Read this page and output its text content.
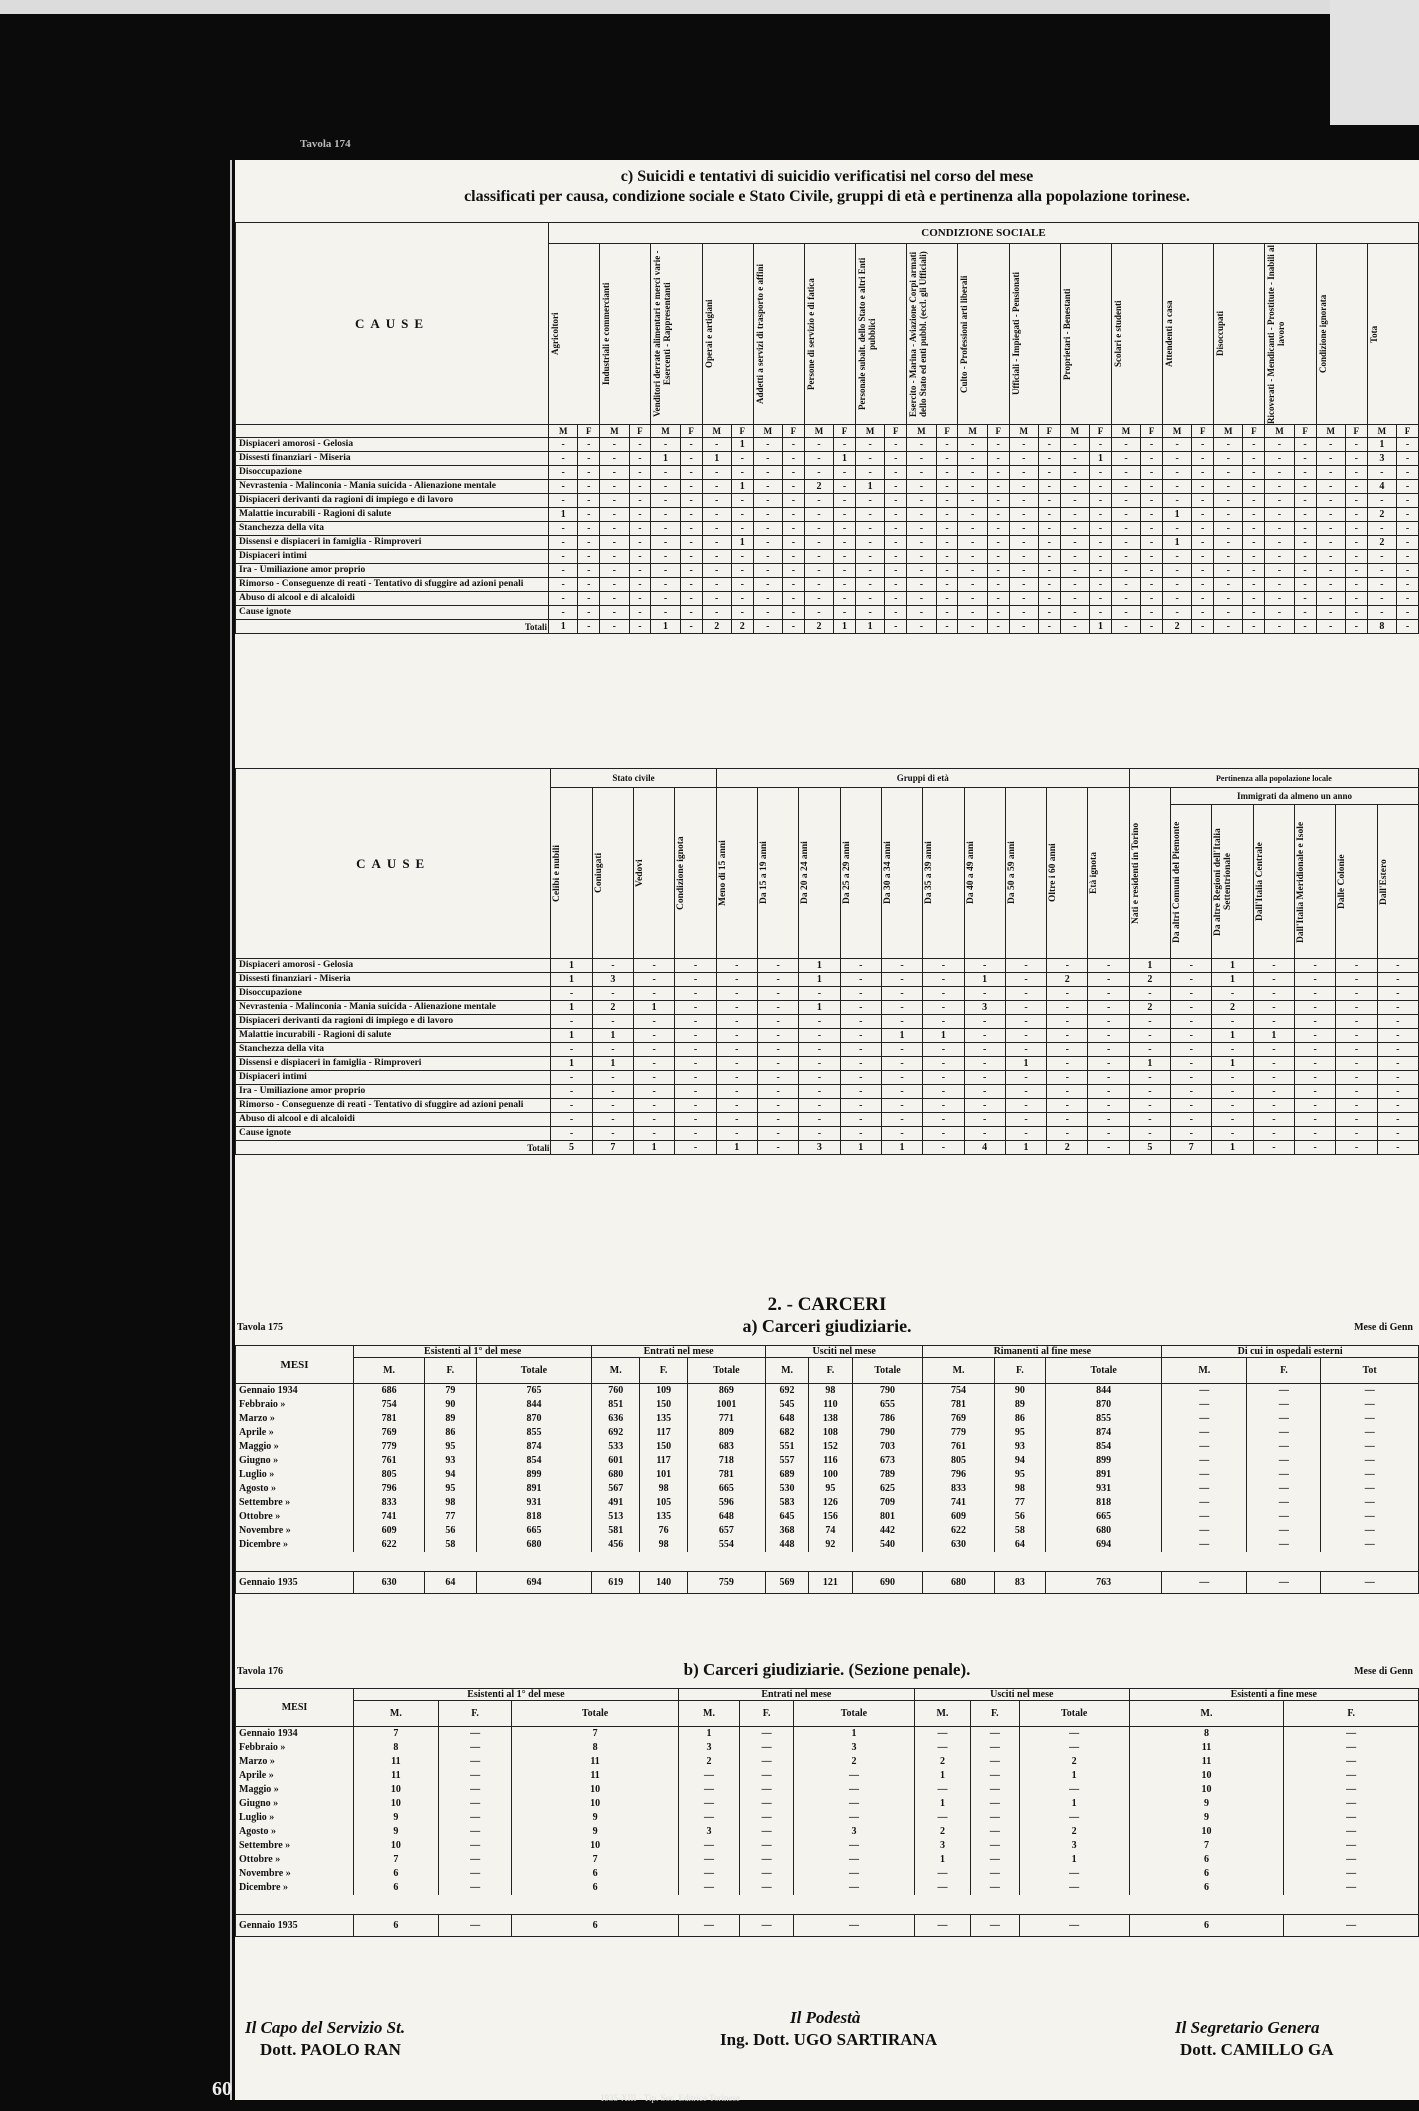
Tavola 174
c) Suicidi e tentativi di suicidio verificatisi nel corso del mese
classificati per causa, condizione sociale e Stato Civile, gruppi di età e pertinenza alla popolazione torinese.
CAUSE	CONDIZIONE SOCIALE																																	

	Agricoltori		Industriali e commercianti		Venditori derrate alimentari e merci varie - Esercenti - Rappresentanti		Operai e artigiani		Addetti a servizi di trasporto e affini		Persone di servizio e di fatica		Personale subalt. dello Stato e altri Enti pubblici		Esercito - Marina - Aviazione Corpi armati dello Stato ed enti pubbl. (eccl. gli Ufficiali)		Culto - Professioni arti liberali		Ufficiali - Impiegati - Pensionati		Proprietari - Benestanti		Scolari e studenti		Attendenti a casa		Disoccupati		Ricoverati - Mendicanti - Prostitute - Inabili al lavoro		Condizione ignorata		Tota	

	M	F	M	F	M	F	M	F	M	F	M	F	M	F	M	F	M	F	M	F	M	F	M	F	M	F	M	F	M	F	M	F	M	F
Dispiaceri amorosi - Gelosia	-	-	-	-	-	-	-	1	-	-	-	-	-	-	-	-	-	-	-	-	-	-	-	-	-	-	-	-	-	-	-	-	1	-
Dissesti finanziari - Miseria	-	-	-	-	1	-	1	-	-	-	-	1	-	-	-	-	-	-	-	-	-	1	-	-	-	-	-	-	-	-	-	-	3	-
Disoccupazione	-	-	-	-	-	-	-	-	-	-	-	-	-	-	-	-	-	-	-	-	-	-	-	-	-	-	-	-	-	-	-	-	-	-
Nevrastenia - Malinconia - Mania suicida - Alienazione mentale	-	-	-	-	-	-	-	1	-	-	2	-	1	-	-	-	-	-	-	-	-	-	-	-	-	-	-	-	-	-	-	-	4	-
Dispiaceri derivanti da ragioni di impiego e di lavoro	-	-	-	-	-	-	-	-	-	-	-	-	-	-	-	-	-	-	-	-	-	-	-	-	-	-	-	-	-	-	-	-	-	-
Malattie incurabili - Ragioni di salute	1	-	-	-	-	-	-	-	-	-	-	-	-	-	-	-	-	-	-	-	-	-	-	-	1	-	-	-	-	-	-	-	2	-
Stanchezza della vita	-	-	-	-	-	-	-	-	-	-	-	-	-	-	-	-	-	-	-	-	-	-	-	-	-	-	-	-	-	-	-	-	-	-
Dissensi e dispiaceri in famiglia - Rimproveri	-	-	-	-	-	-	-	1	-	-	-	-	-	-	-	-	-	-	-	-	-	-	-	-	1	-	-	-	-	-	-	-	2	-
Dispiaceri intimi	-	-	-	-	-	-	-	-	-	-	-	-	-	-	-	-	-	-	-	-	-	-	-	-	-	-	-	-	-	-	-	-	-	-
Ira - Umiliazione amor proprio	-	-	-	-	-	-	-	-	-	-	-	-	-	-	-	-	-	-	-	-	-	-	-	-	-	-	-	-	-	-	-	-	-	-
Rimorso - Conseguenze di reati - Tentativo di sfuggire ad azioni penali	-	-	-	-	-	-	-	-	-	-	-	-	-	-	-	-	-	-	-	-	-	-	-	-	-	-	-	-	-	-	-	-	-	-
Abuso di alcool e di alcaloidi	-	-	-	-	-	-	-	-	-	-	-	-	-	-	-	-	-	-	-	-	-	-	-	-	-	-	-	-	-	-	-	-	-	-
Cause ignote	-	-	-	-	-	-	-	-	-	-	-	-	-	-	-	-	-	-	-	-	-	-	-	-	-	-	-	-	-	-	-	-	-	-
Totali	1	-	-	-	1	-	2	2	-	-	2	1	1	-	-	-	-	-	-	-	-	1	-	-	2	-	-	-	-	-	-	-	8	-
CAUSE	Stato civile				Gruppi di età										Pertinenza alla popolazione locale						

	Celibi e nubili	Coniugati	Vedovi	Condizione ignota	Meno di 15 anni	Da 15 a 19 anni	Da 20 a 24 anni	Da 25 a 29 anni	Da 30 a 34 anni	Da 35 a 39 anni	Da 40 a 49 anni	Da 50 a 59 anni	Oltre i 60 anni	Età ignota	Nati e residenti in Torino	Immigrati da almeno un anno					

																Da altri Comuni del Piemonte	Da altre Regioni dell'Italia Settentrionale	Dall'Italia Centrale	Dall'Italia Meridionale e Isole	Dalle Colonie	Dall'Estero

Dispiaceri amorosi - Gelosia	1	-	-	-	-	-	1	-	-	-	-	-	-	-	1	-	1	-	-	-	-
Dissesti finanziari - Miseria	1	3	-	-	-	-	1	-	-	-	1	-	2	-	2	-	1	-	-	-	-
Disoccupazione	-	-	-	-	-	-	-	-	-	-	-	-	-	-	-	-	-	-	-	-	-
Nevrastenia - Malinconia - Mania suicida - Alienazione mentale	1	2	1	-	-	-	1	-	-	-	3	-	-	-	2	-	2	-	-	-	-
Dispiaceri derivanti da ragioni di impiego e di lavoro	-	-	-	-	-	-	-	-	-	-	-	-	-	-	-	-	-	-	-	-	-
Malattie incurabili - Ragioni di salute	1	1	-	-	-	-	-	-	1	1	-	-	-	-	-	-	1	1	-	-	-
Stanchezza della vita	-	-	-	-	-	-	-	-	-	-	-	-	-	-	-	-	-	-	-	-	-
Dissensi e dispiaceri in famiglia - Rimproveri	1	1	-	-	-	-	-	-	-	-	-	1	-	-	1	-	1	-	-	-	-
Dispiaceri intimi	-	-	-	-	-	-	-	-	-	-	-	-	-	-	-	-	-	-	-	-	-
Ira - Umiliazione amor proprio	-	-	-	-	-	-	-	-	-	-	-	-	-	-	-	-	-	-	-	-	-
Rimorso - Conseguenze di reati - Tentativo di sfuggire ad azioni penali	-	-	-	-	-	-	-	-	-	-	-	-	-	-	-	-	-	-	-	-	-
Abuso di alcool e di alcaloidi	-	-	-	-	-	-	-	-	-	-	-	-	-	-	-	-	-	-	-	-	-
Cause ignote	-	-	-	-	-	-	-	-	-	-	-	-	-	-	-	-	-	-	-	-	-
Totali	5	7	1	-	1	-	3	1	1	-	4	1	2	-	5	7	1	-	-	-	-
2. - CARCERI
Tavola 175	a) Carceri giudiziarie.	Mese di Genn
MESI	Esistenti al 1° del mese			Entrati nel mese			Usciti nel mese			Rimanenti al fine mese			Di cui in ospedali esterni		
	M.	F.	Totale	M.	F.	Totale	M.	F.	Totale	M.	F.	Totale	M.	F.	Tot
Gennaio 1934	686	79	765	760	109	869	692	98	790	754	90	844	—	—	—
Febbraio »	754	90	844	851	150	1001	545	110	655	781	89	870	—	—	—
Marzo »	781	89	870	636	135	771	648	138	786	769	86	855	—	—	—
Aprile »	769	86	855	692	117	809	682	108	790	779	95	874	—	—	—
Maggio »	779	95	874	533	150	683	551	152	703	761	93	854	—	—	—
Giugno »	761	93	854	601	117	718	557	116	673	805	94	899	—	—	—
Luglio »	805	94	899	680	101	781	689	100	789	796	95	891	—	—	—
Agosto »	796	95	891	567	98	665	530	95	625	833	98	931	—	—	—
Settembre »	833	98	931	491	105	596	583	126	709	741	77	818	—	—	—
Ottobre »	741	77	818	513	135	648	645	156	801	609	56	665	—	—	—
Novembre »	609	56	665	581	76	657	368	74	442	622	58	680	—	—	—
Dicembre »	622	58	680	456	98	554	448	92	540	630	64	694	—	—	—

Gennaio 1935	630	64	694	619	140	759	569	121	690	680	83	763	—	—	—
Tavola 176	b) Carceri giudiziarie. (Sezione penale).	Mese di Genn
MESI	Esistenti al 1° del mese			Entrati nel mese			Usciti nel mese			Esistenti a fine mese	
	M.	F.	Totale	M.	F.	Totale	M.	F.	Totale	M.	F.
Gennaio 1934	7	—	7	1	—	1	—	—	—	8	—
Febbraio »	8	—	8	3	—	3	—	—	—	11	—
Marzo »	11	—	11	2	—	2	2	—	2	11	—
Aprile »	11	—	11	—	—	—	1	—	1	10	—
Maggio »	10	—	10	—	—	—	—	—	—	10	—
Giugno »	10	—	10	—	—	—	1	—	1	9	—
Luglio »	9	—	9	—	—	—	—	—	—	9	—
Agosto »	9	—	9	3	—	3	2	—	2	10	—
Settembre »	10	—	10	—	—	—	3	—	3	7	—
Ottobre »	7	—	7	—	—	—	1	—	1	6	—
Novembre »	6	—	6	—	—	—	—	—	—	6	—
Dicembre »	6	—	6	—	—	—	—	—	—	6	—

Gennaio 1935	6	—	6	—	—	—	—	—	—	6	—
Il Capo del Servizio St.
Dott. PAOLO RAN
Il Podestà
Ing. Dott. UGO SARTIRANA
Il Segretario Genera
Dott. CAMILLO GA
1935-XIII - Tip. Soc. Editrice Torinese
60
